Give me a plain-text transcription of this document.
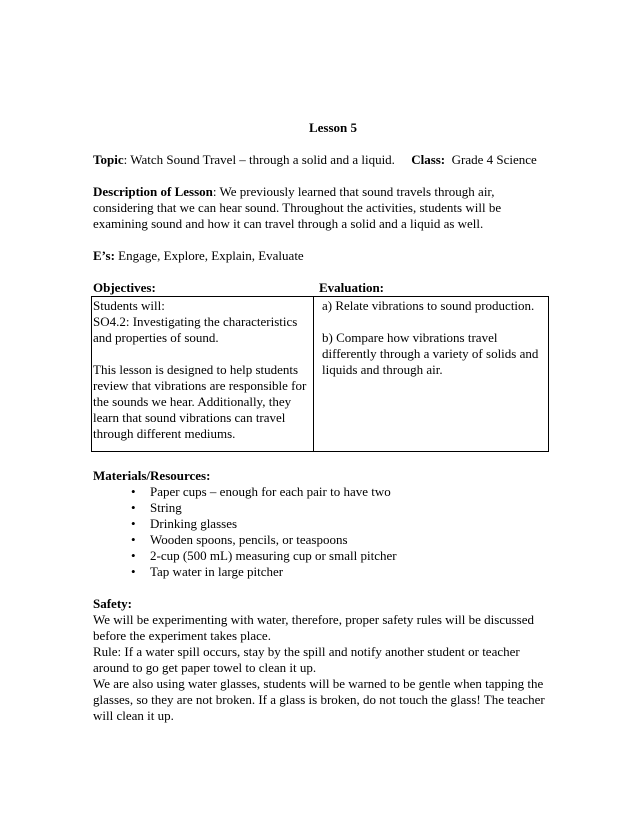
Lesson 5

Topic: Watch Sound Travel – through a solid and a liquid. Class: Grade 4 Science

Description of Lesson: We previously learned that sound travels through air, considering that we can hear sound. Throughout the activities, students will be examining sound and how it can travel through a solid and a liquid as well.

E’s: Engage, Explore, Explain, Evaluate

Objectives:	Evaluation:

Students will:

SO4.2: Investigating the characteristics and properties of sound.

This lesson is designed to help students review that vibrations are responsible for the sounds we hear. Additionally, they learn that sound vibrations can travel through different mediums.

a) Relate vibrations to sound production.

b) Compare how vibrations travel differently through a variety of solids and liquids and through air.

Materials/Resources:

• Paper cups – enough for each pair to have two
• String
• Drinking glasses
• Wooden spoons, pencils, or teaspoons
• 2-cup (500 mL) measuring cup or small pitcher
• Tap water in large pitcher

Safety:

We will be experimenting with water, therefore, proper safety rules will be discussed before the experiment takes place.

Rule: If a water spill occurs, stay by the spill and notify another student or teacher around to go get paper towel to clean it up.

We are also using water glasses, students will be warned to be gentle when tapping the glasses, so they are not broken. If a glass is broken, do not touch the glass! The teacher will clean it up.
